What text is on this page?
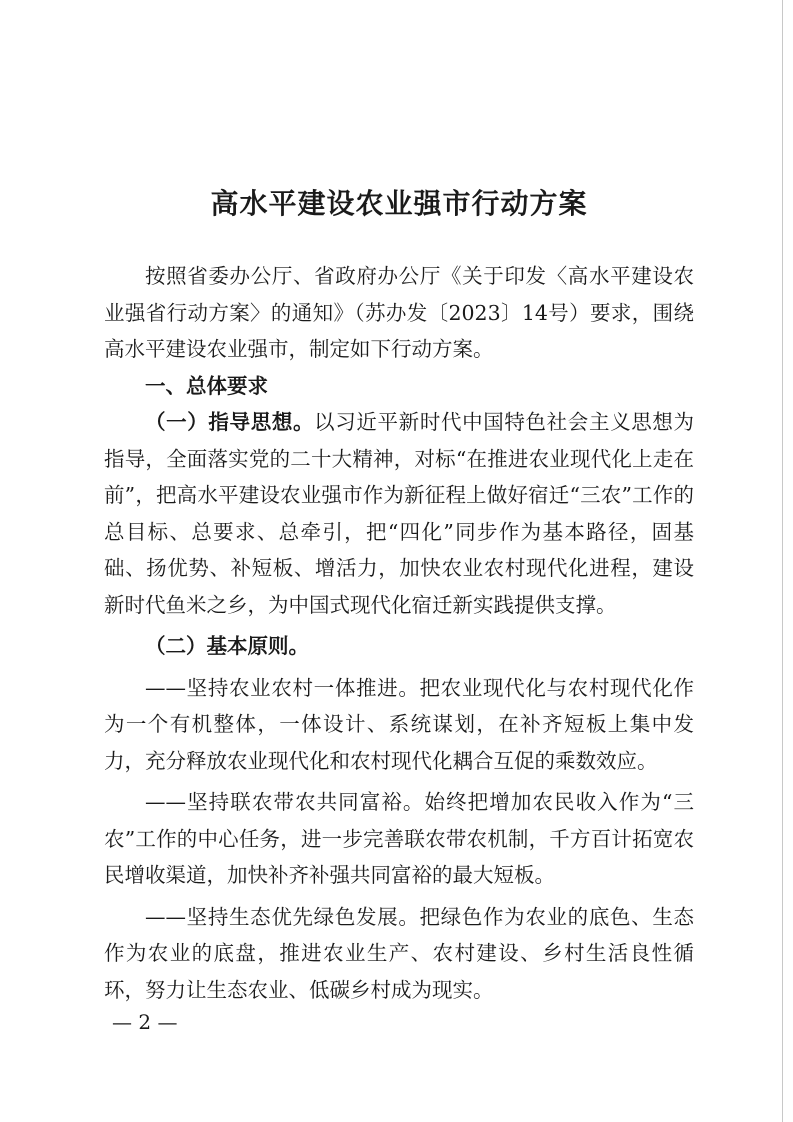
高水平建设农业强市行动方案

按照省委办公厅、省政府办公厅《关于印发〈高水平建设农业强省行动方案〉的通知》（苏办发〔2023〕14号）要求，围绕高水平建设农业强市，制定如下行动方案。

一、总体要求

（一）指导思想。以习近平新时代中国特色社会主义思想为指导，全面落实党的二十大精神，对标“在推进农业现代化上走在前”，把高水平建设农业强市作为新征程上做好宿迁“三农”工作的总目标、总要求、总牵引，把“四化”同步作为基本路径，固基础、扬优势、补短板、增活力，加快农业农村现代化进程，建设新时代鱼米之乡，为中国式现代化宿迁新实践提供支撑。

（二）基本原则。

——坚持农业农村一体推进。把农业现代化与农村现代化作为一个有机整体，一体设计、系统谋划，在补齐短板上集中发力，充分释放农业现代化和农村现代化耦合互促的乘数效应。

——坚持联农带农共同富裕。始终把增加农民收入作为“三农”工作的中心任务，进一步完善联农带农机制，千方百计拓宽农民增收渠道，加快补齐补强共同富裕的最大短板。

——坚持生态优先绿色发展。把绿色作为农业的底色、生态作为农业的底盘，推进农业生产、农村建设、乡村生活良性循环，努力让生态农业、低碳乡村成为现实。

— 2 —
